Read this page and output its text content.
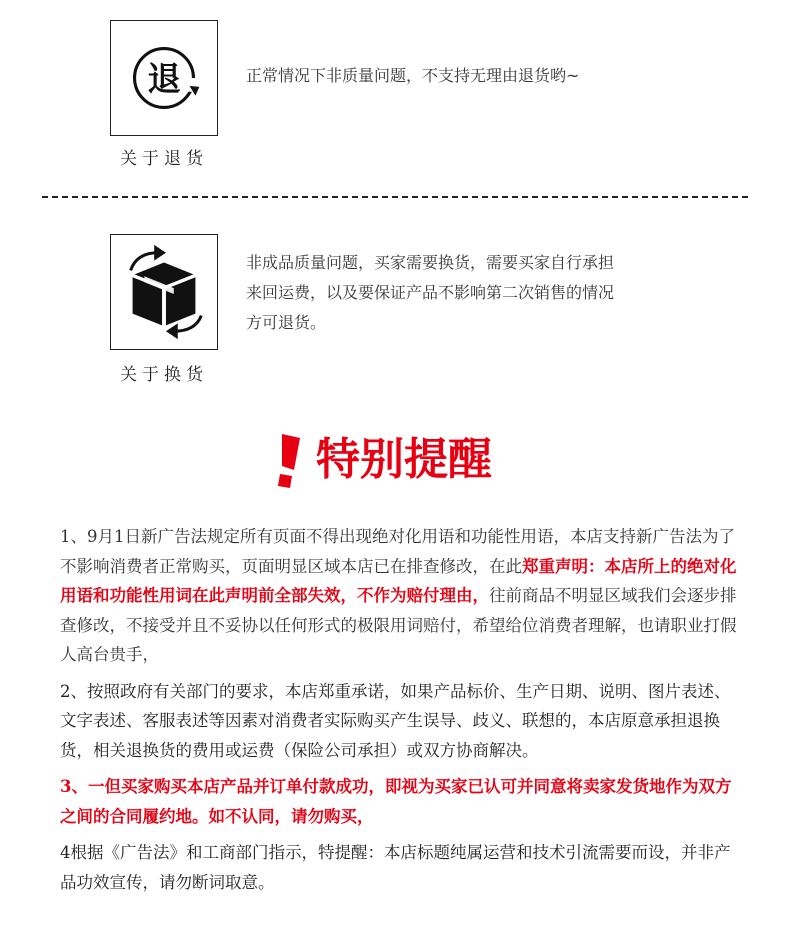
退
关于退货
正常情况下非质量问题，不支持无理由退货哟~
关于换货
非成品质量问题，买家需要换货，需要买家自行承担
来回运费，以及要保证产品不影响第二次销售的情况
方可退货。
特别提醒

1、9月1日新广告法规定所有页面不得出现绝对化用语和功能性用语，本店支持新广告法为了不影响消费者正常购买，页面明显区域本店已在排查修改，在此郑重声明：本店所上的绝对化用语和功能性用词在此声明前全部失效，不作为赔付理由，往前商品不明显区域我们会逐步排查修改，不接受并且不妥协以任何形式的极限用词赔付，希望给位消费者理解，也请职业打假人高台贵手，

2、按照政府有关部门的要求，本店郑重承诺，如果产品标价、生产日期、说明、图片表述、文字表述、客服表述等因素对消费者实际购买产生误导、歧义、联想的，本店原意承担退换货，相关退换货的费用或运费（保险公司承担）或双方协商解决。

3、一但买家购买本店产品并订单付款成功，即视为买家已认可并同意将卖家发货地作为双方之间的合同履约地。如不认同，请勿购买，

4根据《广告法》和工商部门指示，特提醒：本店标题纯属运营和技术引流需要而设，并非产品功效宣传，请勿断词取意。
